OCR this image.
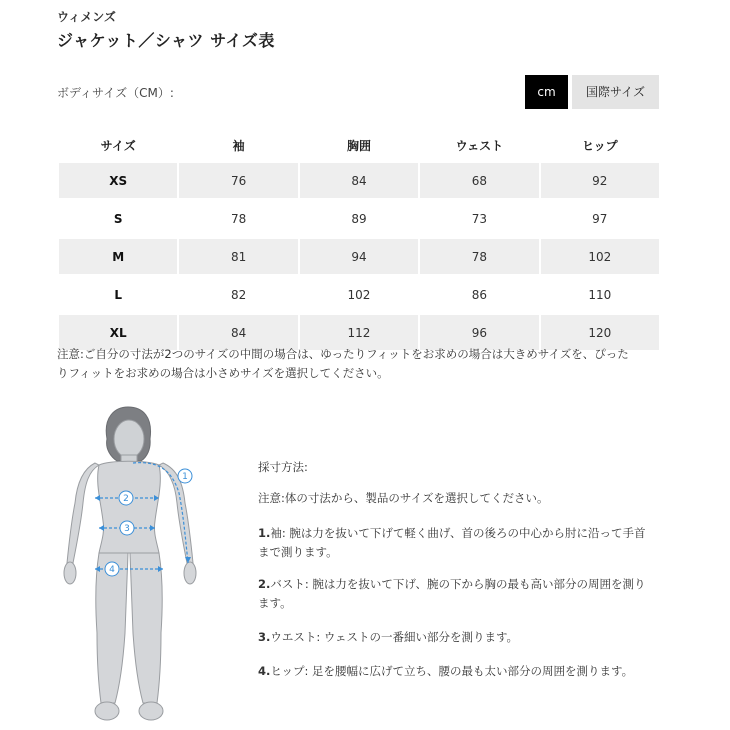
ウィメンズ
ジャケット／シャツ サイズ表
ボディサイズ（CM）:	cm	国際サイズ
サイズ	袖	胸囲	ウェスト	ヒップ
XS	76	84	68	92
S	78	89	73	97
M	81	94	78	102
L	82	102	86	110
XL	84	112	96	120
注意:ご自分の寸法が2つのサイズの中間の場合は、ゆったりフィットをお求めの場合は大きめサイズを、ぴった
りフィットをお求めの場合は小さめサイズを選択してください。
1
2
3
4
採寸方法:
注意:体の寸法から、製品のサイズを選択してください。
1.袖: 腕は力を抜いて下げて軽く曲げ、首の後ろの中心から肘に沿って手首
まで測ります。
2.バスト: 腕は力を抜いて下げ、腕の下から胸の最も高い部分の周囲を測り
ます。
3.ウエスト: ウェストの一番細い部分を測ります。
4.ヒップ: 足を腰幅に広げて立ち、腰の最も太い部分の周囲を測ります。
